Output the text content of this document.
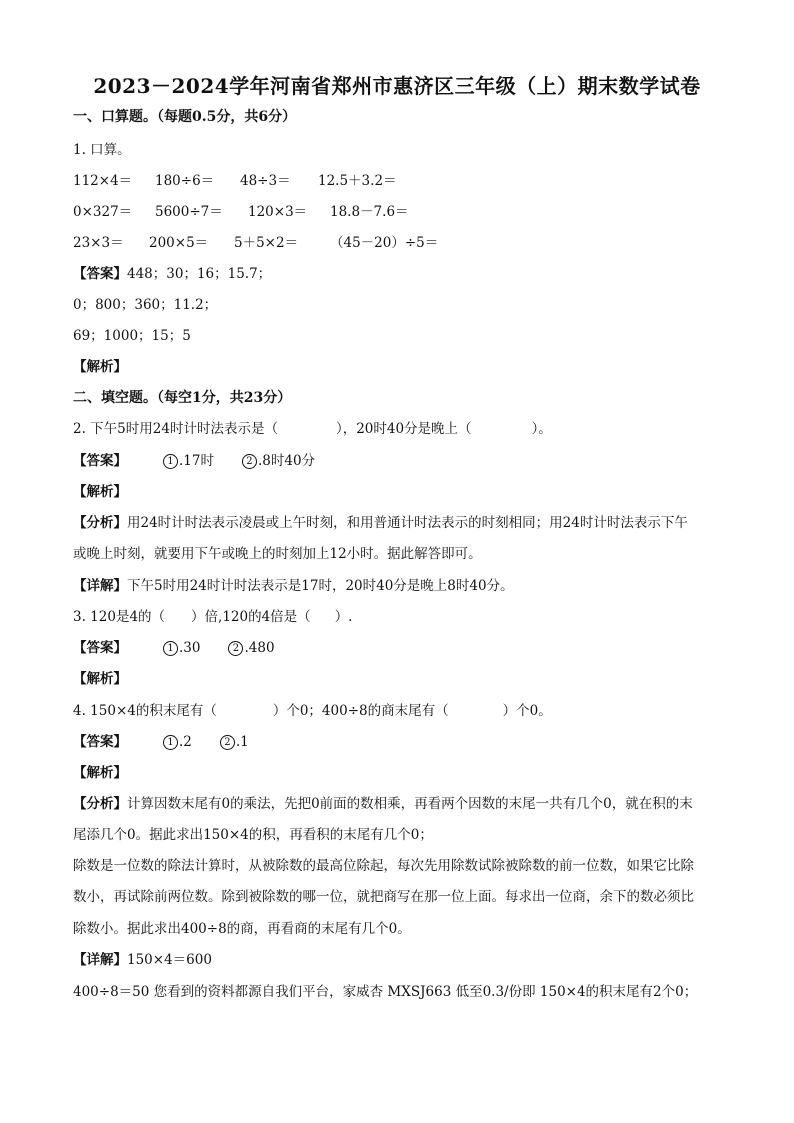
2023－2024学年河南省郑州市惠济区三年级（上）期末数学试卷
一、口算题。（每题0.5分，共6分）
1. 口算。
112×4＝ 180÷6＝ 48÷3＝ 12.5＋3.2＝
0×327＝ 5600÷7＝ 120×3＝ 18.8－7.6＝
23×3＝ 200×5＝ 5＋5×2＝ （45－20）÷5＝
【答案】448；30；16；15.7；
0；800；360；11.2；
69；1000；15；5
【解析】
二、填空题。（每空1分，共23分）
2. 下午5时用24时计时法表示是（	），20时40分是晚上（	）。
【答案】	1 .17时	2 .8时40分
【解析】
【分析】用24时计时法表示凌晨或上午时刻，和用普通计时法表示的时刻相同；用24时计时法表示下午
或晚上时刻，就要用下午或晚上的时刻加上12小时。据此解答即可。
【详解】下午5时用24时计时法表示是17时，20时40分是晚上8时40分。
3. 120是4的（ ）倍,120的4倍是（ ）.
【答案】	1 .30	2 .480
【解析】
4. 150×4的积末尾有（	）个0；400÷8的商末尾有（	）个0。
【答案】	1 .2	2 .1
【解析】
【分析】计算因数末尾有0的乘法，先把0前面的数相乘，再看两个因数的末尾一共有几个0，就在积的末
尾添几个0。据此求出150×4的积，再看积的末尾有几个0；
除数是一位数的除法计算时，从被除数的最高位除起，每次先用除数试除被除数的前一位数，如果它比除
数小，再试除前两位数。除到被除数的哪一位，就把商写在那一位上面。每求出一位商，余下的数必须比
除数小。据此求出400÷8的商，再看商的末尾有几个0。
【详解】150×4＝600
400÷8＝50 您看到的资料都源自我们平台，家威杏 MXSJ663 低至0.3/份即 150×4的积末尾有2个0；
